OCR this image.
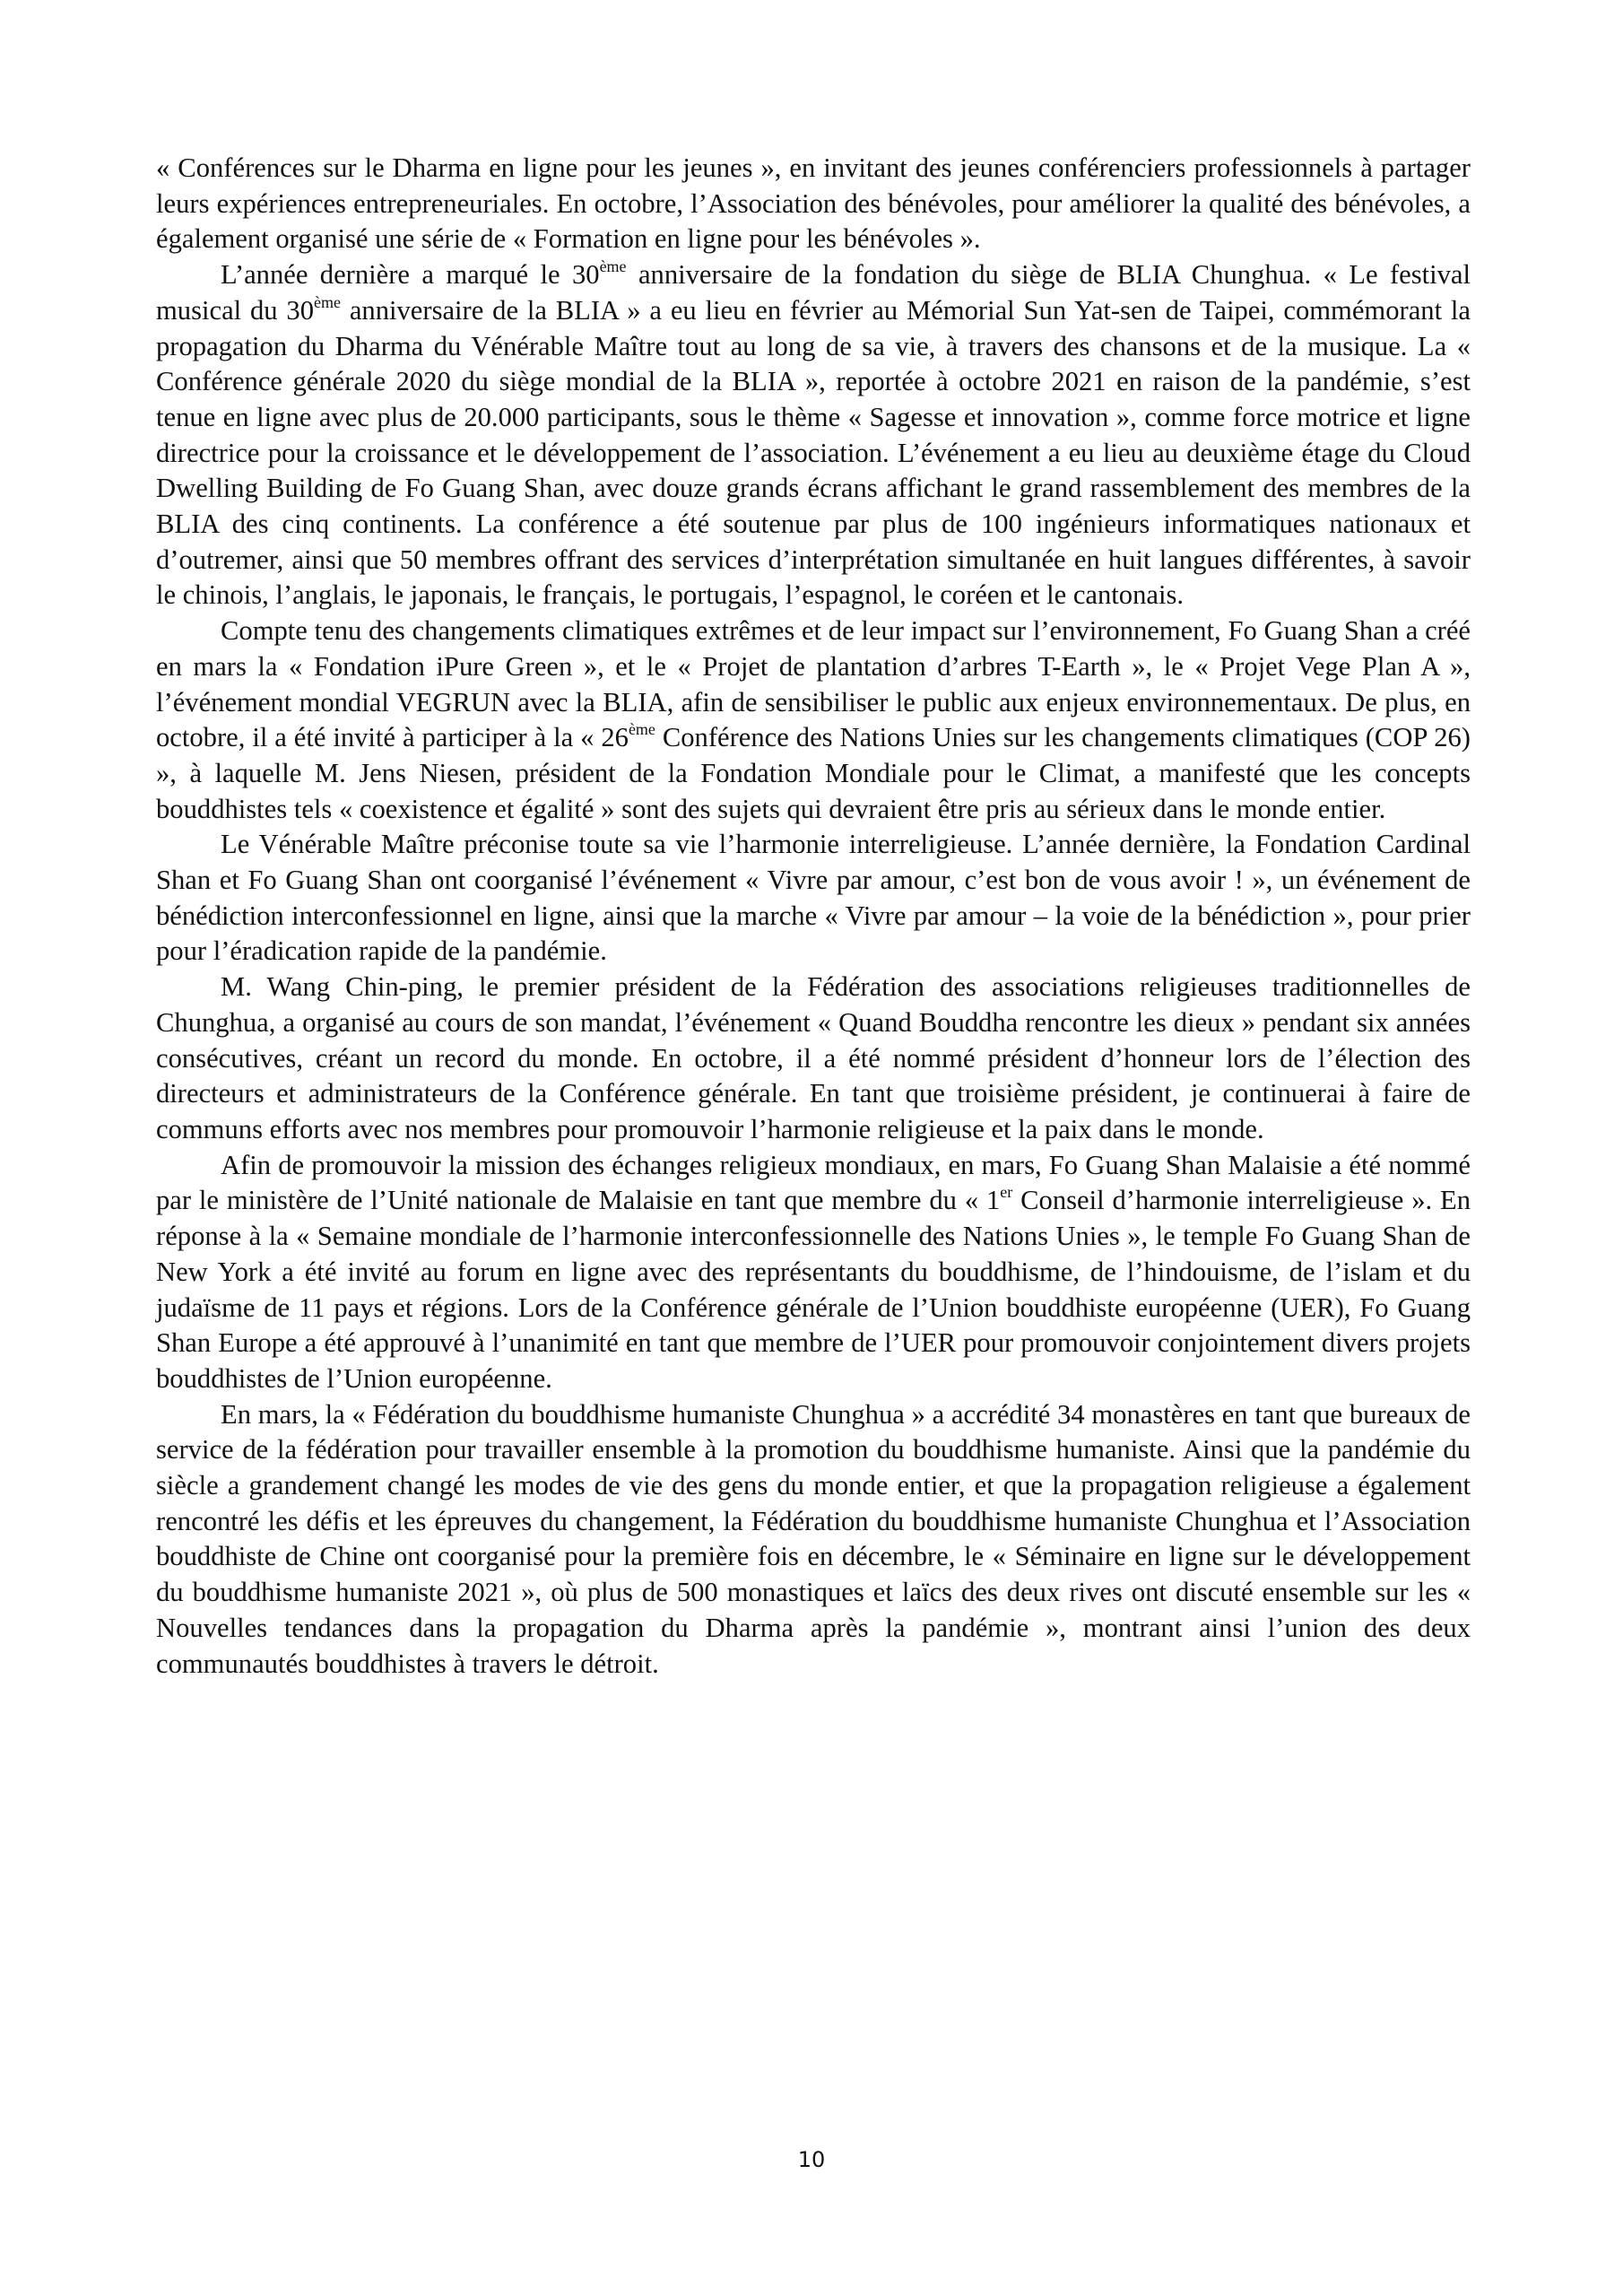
« Conférences sur le Dharma en ligne pour les jeunes », en invitant des jeunes conférenciers professionnels à partager leurs expériences entrepreneuriales. En octobre, l’Association des bénévoles, pour améliorer la qualité des bénévoles, a également organisé une série de « Formation en ligne pour les bénévoles ».

L’année dernière a marqué le 30ème anniversaire de la fondation du siège de BLIA Chunghua. « Le festival musical du 30ème anniversaire de la BLIA » a eu lieu en février au Mémorial Sun Yat-sen de Taipei, commémorant la propagation du Dharma du Vénérable Maître tout au long de sa vie, à travers des chansons et de la musique. La « Conférence générale 2020 du siège mondial de la BLIA », reportée à octobre 2021 en raison de la pandémie, s’est tenue en ligne avec plus de 20.000 participants, sous le thème « Sagesse et innovation », comme force motrice et ligne directrice pour la croissance et le développement de l’association. L’événement a eu lieu au deuxième étage du Cloud Dwelling Building de Fo Guang Shan, avec douze grands écrans affichant le grand rassemblement des membres de la BLIA des cinq continents. La conférence a été soutenue par plus de 100 ingénieurs informatiques nationaux et d’outremer, ainsi que 50 membres offrant des services d’interprétation simultanée en huit langues différentes, à savoir le chinois, l’anglais, le japonais, le français, le portugais, l’espagnol, le coréen et le cantonais.

Compte tenu des changements climatiques extrêmes et de leur impact sur l’environnement, Fo Guang Shan a créé en mars la « Fondation iPure Green », et le « Projet de plantation d’arbres T-Earth », le « Projet Vege Plan A », l’événement mondial VEGRUN avec la BLIA, afin de sensibiliser le public aux enjeux environnementaux. De plus, en octobre, il a été invité à participer à la « 26ème Conférence des Nations Unies sur les changements climatiques (COP 26) », à laquelle M. Jens Niesen, président de la Fondation Mondiale pour le Climat, a manifesté que les concepts bouddhistes tels « coexistence et égalité » sont des sujets qui devraient être pris au sérieux dans le monde entier.

Le Vénérable Maître préconise toute sa vie l’harmonie interreligieuse. L’année dernière, la Fondation Cardinal Shan et Fo Guang Shan ont coorganisé l’événement « Vivre par amour, c’est bon de vous avoir ! », un événement de bénédiction interconfessionnel en ligne, ainsi que la marche « Vivre par amour – la voie de la bénédiction », pour prier pour l’éradication rapide de la pandémie.

M. Wang Chin-ping, le premier président de la Fédération des associations religieuses traditionnelles de Chunghua, a organisé au cours de son mandat, l’événement « Quand Bouddha rencontre les dieux » pendant six années consécutives, créant un record du monde. En octobre, il a été nommé président d’honneur lors de l’élection des directeurs et administrateurs de la Conférence générale. En tant que troisième président, je continuerai à faire de communs efforts avec nos membres pour promouvoir l’harmonie religieuse et la paix dans le monde.

Afin de promouvoir la mission des échanges religieux mondiaux, en mars, Fo Guang Shan Malaisie a été nommé par le ministère de l’Unité nationale de Malaisie en tant que membre du « 1er Conseil d’harmonie interreligieuse ». En réponse à la « Semaine mondiale de l’harmonie interconfessionnelle des Nations Unies », le temple Fo Guang Shan de New York a été invité au forum en ligne avec des représentants du bouddhisme, de l’hindouisme, de l’islam et du judaïsme de 11 pays et régions. Lors de la Conférence générale de l’Union bouddhiste européenne (UER), Fo Guang Shan Europe a été approuvé à l’unanimité en tant que membre de l’UER pour promouvoir conjointement divers projets bouddhistes de l’Union européenne.

En mars, la « Fédération du bouddhisme humaniste Chunghua » a accrédité 34 monastères en tant que bureaux de service de la fédération pour travailler ensemble à la promotion du bouddhisme humaniste. Ainsi que la pandémie du siècle a grandement changé les modes de vie des gens du monde entier, et que la propagation religieuse a également rencontré les défis et les épreuves du changement, la Fédération du bouddhisme humaniste Chunghua et l’Association bouddhiste de Chine ont coorganisé pour la première fois en décembre, le « Séminaire en ligne sur le développement du bouddhisme humaniste 2021 », où plus de 500 monastiques et laïcs des deux rives ont discuté ensemble sur les « Nouvelles tendances dans la propagation du Dharma après la pandémie », montrant ainsi l’union des deux communautés bouddhistes à travers le détroit.

10
